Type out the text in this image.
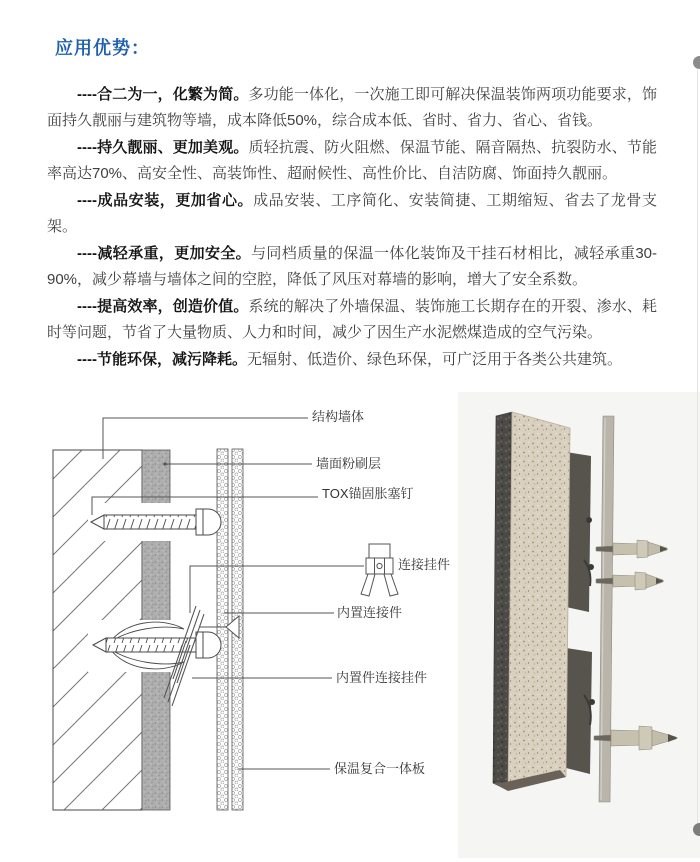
应用优势：

----合二为一，化繁为简。多功能一体化，一次施工即可解决保温装饰两项功能要求，饰面持久靓丽与建筑物等墙，成本降低50%，综合成本低、省时、省力、省心、省钱。

----持久靓丽、更加美观。质轻抗震、防火阻燃、保温节能、隔音隔热、抗裂防水、节能率高达70%、高安全性、高装饰性、超耐候性、高性价比、自洁防腐、饰面持久靓丽。

----成品安装，更加省心。成品安装、工序简化、安装简捷、工期缩短、省去了龙骨支架。

----减轻承重，更加安全。与同档质量的保温一体化装饰及干挂石材相比，减轻承重30-90%，减少幕墙与墙体之间的空腔，降低了风压对幕墙的影响，增大了安全系数。

----提高效率，创造价值。系统的解决了外墙保温、装饰施工长期存在的开裂、渗水、耗时等问题，节省了大量物质、人力和时间，减少了因生产水泥燃煤造成的空气污染。

----节能环保，减污降耗。无辐射、低造价、绿色环保，可广泛用于各类公共建筑。

结构墙体
墙面粉刷层
TOX锚固胀塞钉
连接挂件
内置连接件
内置件连接挂件
保温复合一体板
